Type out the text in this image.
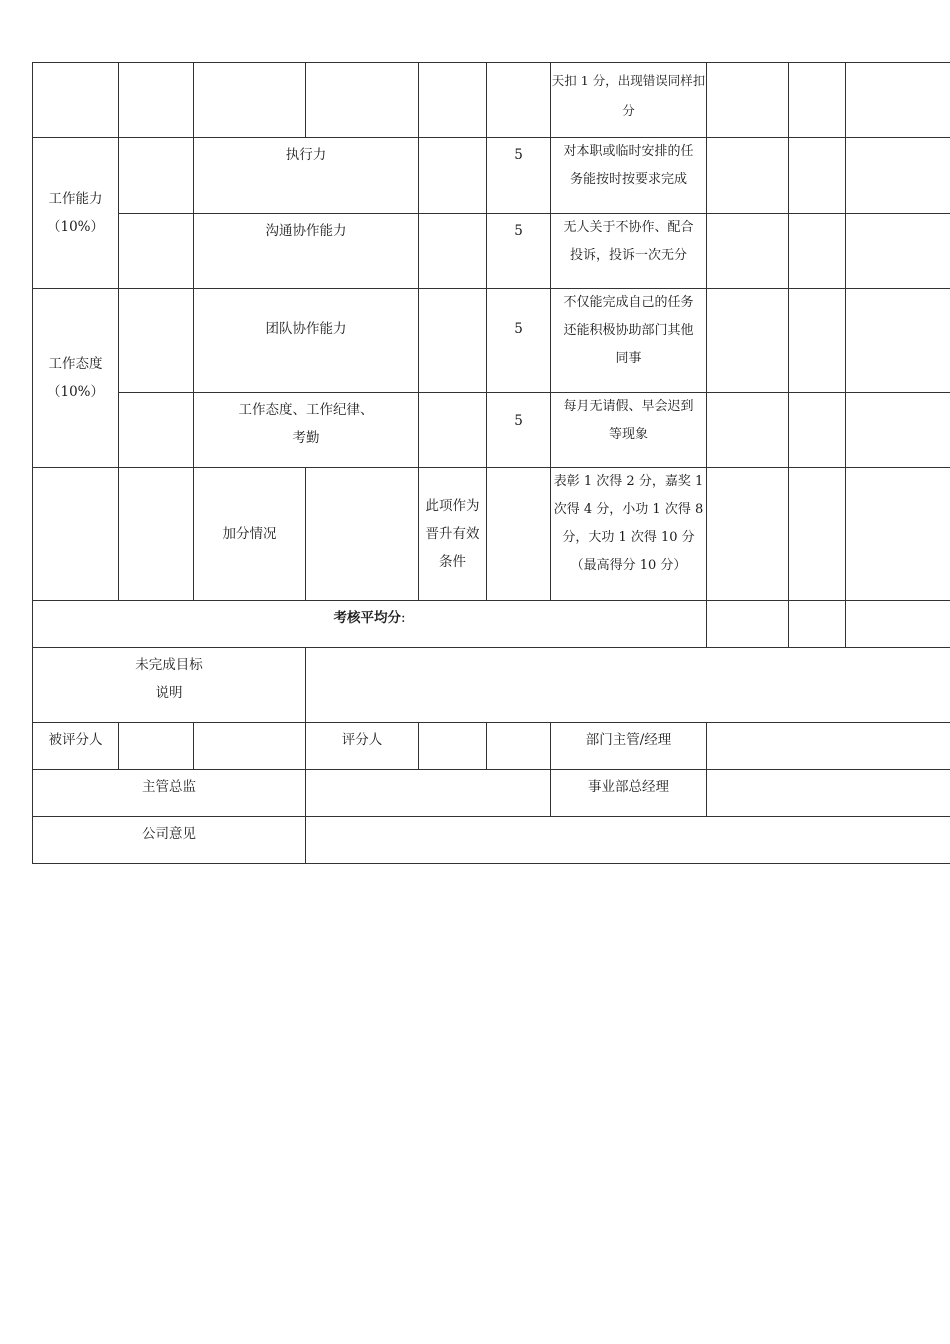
						天扣 1 分，出现错误同样扣
分			

工作能力
（10%）		执行力			5	对本职或临时安排的任
务能按时按要求完成			

		沟通协作能力			5	无人关于不协作、配合
投诉，投诉一次无分			

工作态度
（10%）		团队协作能力			5	不仅能完成自己的任务
还能积极协助部门其他
同事			

		工作态度、工作纪律、
考勤			5	每月无请假、早会迟到
等现象			

		加分情况		此项作为
晋升有效
条件		表彰 1 次得 2 分，嘉奖 1
次得 4 分，小功 1 次得 8
分，大功 1 次得 10 分
（最高得分 10 分）			

考核平均分:									

未完成目标
说明									

被评分人			评分人			部门主管/经理			
主管总监						事业部总经理			
公司意见									
